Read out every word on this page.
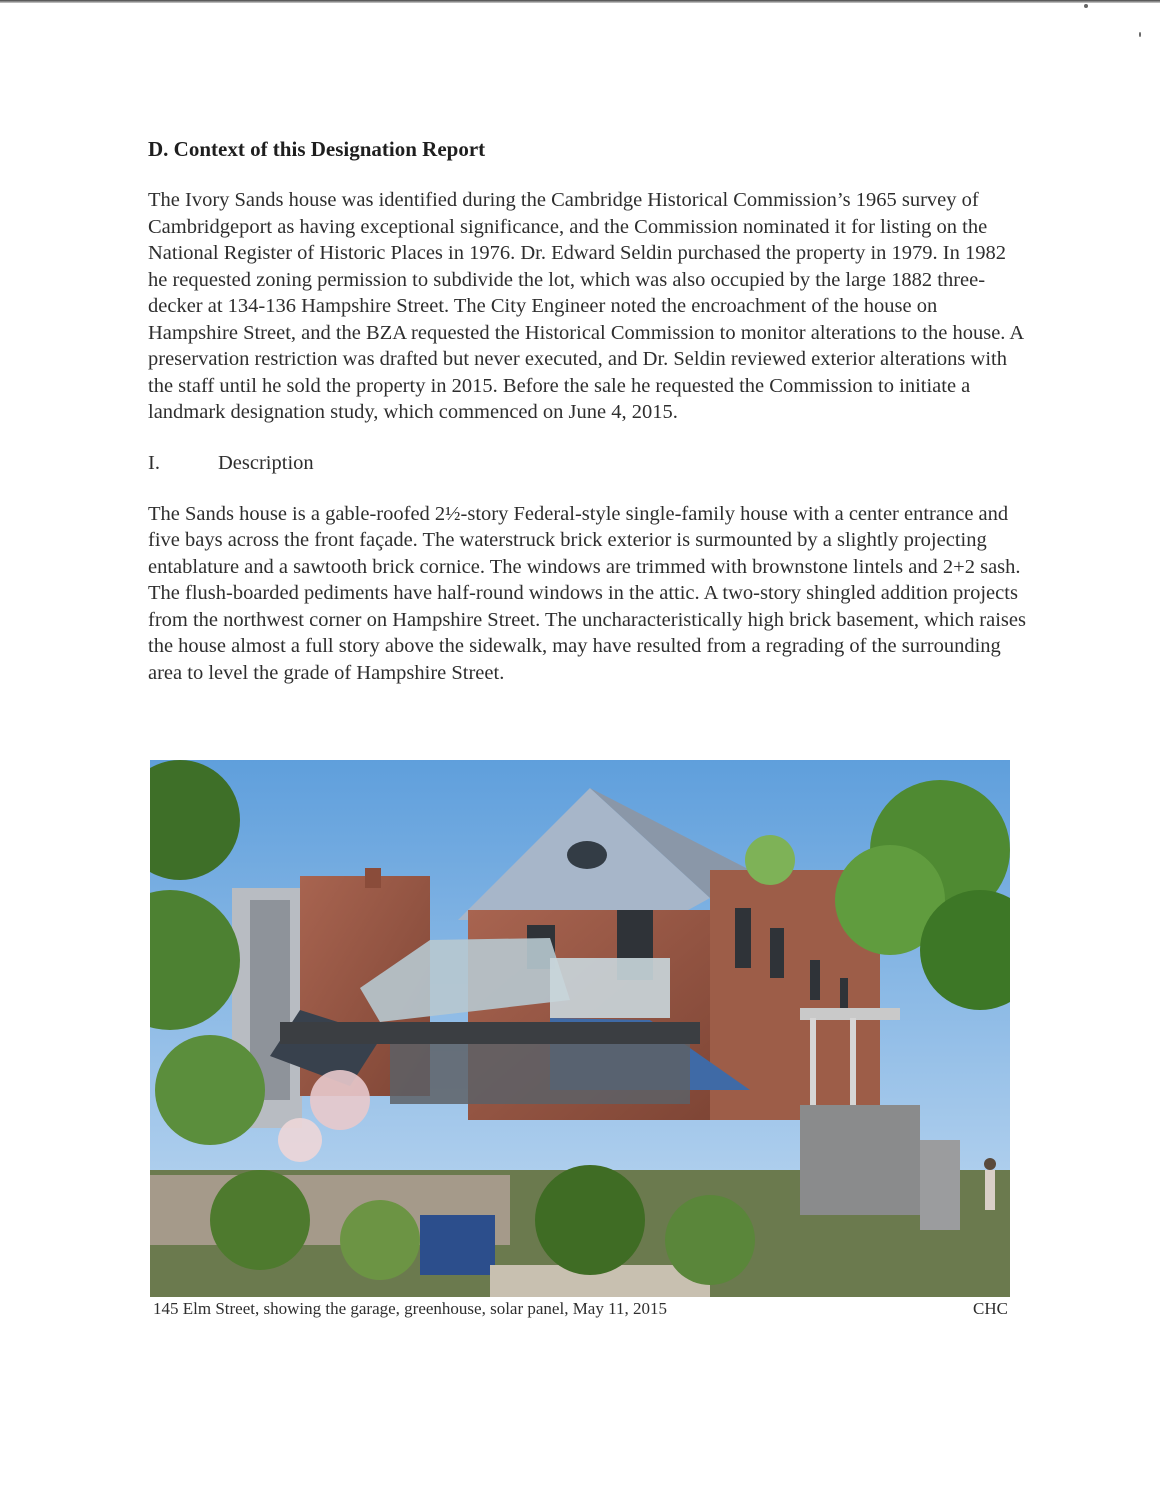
D. Context of this Designation Report

The Ivory Sands house was identified during the Cambridge Historical Commission’s 1965 survey of Cambridgeport as having exceptional significance, and the Commission nominated it for listing on the National Register of Historic Places in 1976. Dr. Edward Seldin purchased the property in 1979. In 1982 he requested zoning permission to subdivide the lot, which was also occupied by the large 1882 three-decker at 134-136 Hampshire Street. The City Engineer noted the encroachment of the house on Hampshire Street, and the BZA requested the Historical Commission to monitor alterations to the house. A preservation restriction was drafted but never executed, and Dr. Seldin reviewed exterior alterations with the staff until he sold the property in 2015. Before the sale he requested the Commission to initiate a landmark designation study, which commenced on June 4, 2015.

I.	Description

The Sands house is a gable-roofed 2½-story Federal-style single-family house with a center entrance and five bays across the front façade. The waterstruck brick exterior is surmounted by a slightly projecting entablature and a sawtooth brick cornice. The windows are trimmed with brownstone lintels and 2+2 sash. The flush-boarded pediments have half-round windows in the attic. A two-story shingled addition projects from the northwest corner on Hampshire Street. The uncharacteristically high brick basement, which raises the house almost a full story above the sidewalk, may have resulted from a regrading of the surrounding area to level the grade of Hampshire Street.

145 Elm Street, showing the garage, greenhouse, solar panel, May 11, 2015	CHC
